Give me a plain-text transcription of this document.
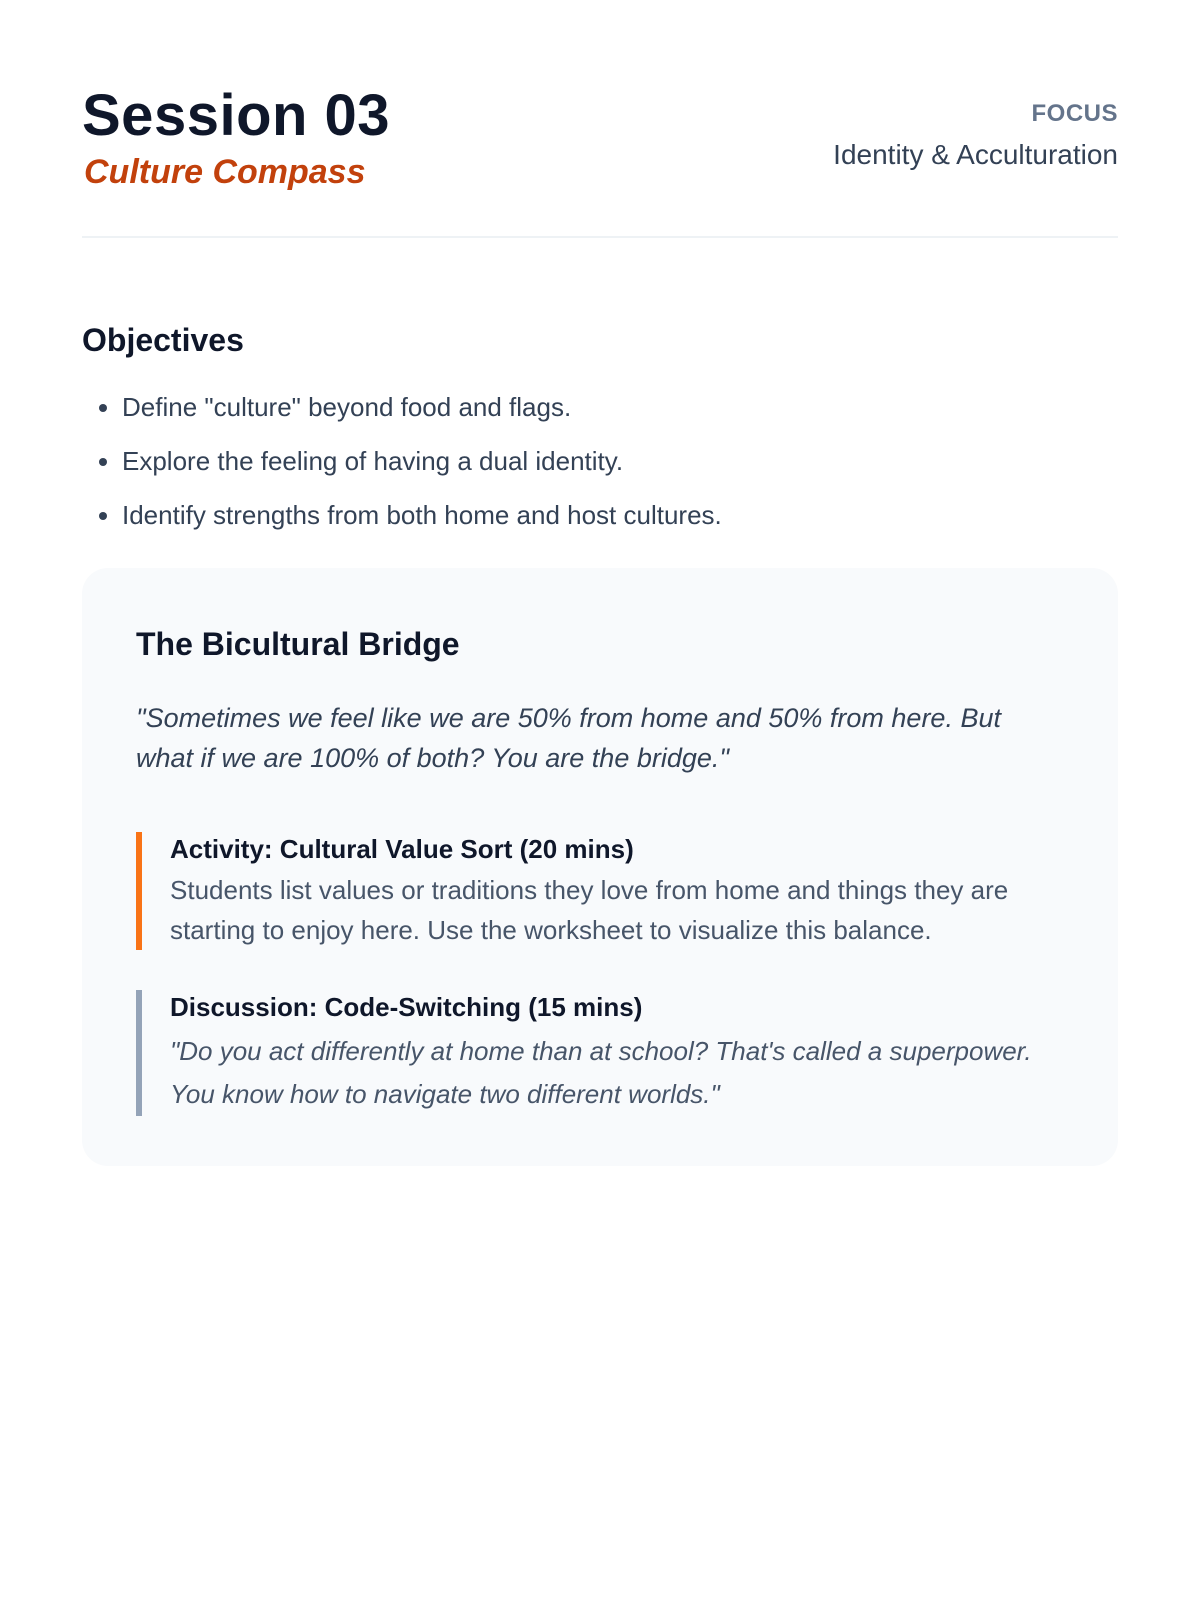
Session 03
Culture Compass
FOCUS
Identity & Acculturation
Objectives
• Define "culture" beyond food and flags.
• Explore the feeling of having a dual identity.
• Identify strengths from both home and host cultures.
The Bicultural Bridge

"Sometimes we feel like we are 50% from home and 50% from here. But what if we are 100% of both? You are the bridge."

Activity: Cultural Value Sort (20 mins)
Students list values or traditions they love from home and things they are starting to enjoy here. Use the worksheet to visualize this balance.
Discussion: Code-Switching (15 mins)
"Do you act differently at home than at school? That's called a superpower. You know how to navigate two different worlds."
